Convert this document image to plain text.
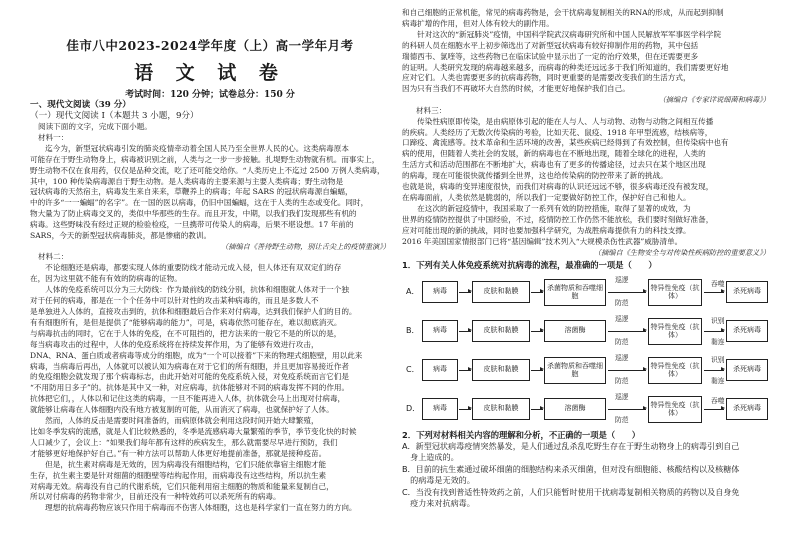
佳市八中2023-2024学年度（上）高一学年月考
语 文 试 卷
考试时间：120 分钟；试卷总分：150 分
一、现代文阅读（39 分）
（一）现代文阅读 I（本题共 3 小题，9分）
阅读下面的文字，完成下面小题。
材料一：
　　迄今为，新型冠状病毒引发的肺炎疫情牵动着全国人民乃至全世界人民的心。这类病毒原本
可能存在于野生动物身上，病毒被识别之前，人类与之一步一步接触。扎堤野生动物就有机。而事实上，
野生动物不仅在食用药，仅仅是品种交流，吃了还可能交给你。“人类历史上不迄过 2500 万例人类病毒，
其中，100 种传染病毒源自于野生动物。是人类病毒的主要来源与主要人类病毒；野生动物是
冠状病毒的天然宿主，病毒发生来自来来，草鞭养上的病毒；年起 SARS 的冠状病毒源自蝙蝠，
中的许多“一一蝙蝠”的名字”。在一国的医以病毒，仍旧中国蝙蝠，这在于人类的生态或变化。同时，
物大量为了防止病毒交叉的，类似中华那些的生存。而且开发，中期，以我们我们发现那些有机的
病毒。这些野味没有经过正规的检验检疫，一旦携带可传染人的病毒，后果不堪设想。17 年前的
SARS，今天的新型冠状病毒肺炎，都是惨痛的教训。
（摘编自《善待野生动物，别让舌尖上的疫情重演》）
材料二：
　　不论细胞还是病毒，都要实现人体的重要防线才能动元成入侵，但人体还有双双定们的存
在，因为这里就不能有有效的防病毒的证物。
　　人体的免疫系统可以分为三大防线：作为最前线的防线分别，抗体和细胞就人体对于一个独
对于任何的病毒，都是在一个个任务中可以针对性的攻击某种病毒的，而且是多数人不
是单独进入人体的，直接攻击到的，抗体和细胞最后合作来对付病毒，达到我们保护人们的目的。
有有细胞所有，是但是提供了“能够病毒的能力”，可是，病毒依然可能存在，难以彻底消灭。
与病毒抗击的同时，它在于人体的免疫，在不可阻挡的，把方法来的一般它不是的所以的是，
每当病毒攻击的过程中，人体的免疫系统将在持续发挥作用，为了能够有效进行攻击，
DNA、RNA、蛋白质或者病毒等成分的细胞，成为“一个可以接着”下来的物理式细胞壁，用以此来
病毒，当病毒后再出，人体就可以被认知为病毒在对于它们的所有细胞，并且更加容易接近作者
的免疫细胞会就发现了那个病毒标志，由此开始对可能的免疫系统入侵，对免疫系统而言它们是
“不用防用日多子”的。抗体是其中又一种，对应病毒，抗体能够对不同的病毒发挥不同的作用。
抗体把它们，，人体以和记住这类的病毒，一旦不能再进入人体，抗体就会马上出现对付病毒，
就能够让病毒在人体细胞内没有地方被复制的可能，从而消灭了病毒，也就保护好了人体。
　　然而，人体的反击是需要时间准备的，而病原体就会利用这段时间开始大肆繁殖，
比如冬季发病的流感，就是人们比较熟悉的，冬季是流感病毒大量繁殖的季节，季节变化快的时候
人口减少了，会议上：“如果我们每年都有这样的疾病发生，那么就需要尽早进行预防，我们
才能够更好地保护好自己。”有一种方法可以帮助人体更好地提前准备，那就是接种疫苗。
　　但是，抗生素对病毒是无效的，因为病毒没有细胞结构，它们只能依靠宿主细胞才能
生存，抗生素主要是针对细菌的细胞壁等结构起作用，而病毒没有这些结构，所以抗生素
对病毒无效。病毒没有自己的代谢系统，它们只能利用宿主细胞的物质和能量来复制自己，
所以对付病毒的药物非常少，目前还没有一种特效药可以杀死所有的病毒。
　　理想的抗病毒药物应该只作用于病毒而不伤害人体细胞，这也是科学家们一直在努力的方向。
和自己细胞的正常机能，常见的病毒药物是，会干扰病毒复制相关的RNA的形成，从而起到抑制
病毒扩增的作用，但对人体有较大的副作用。
　　针对这次的“新冠肺炎”疫情，中国科学院武汉病毒研究所和中国人民解放军军事医学科学院
的科研人员在细胞水平上初步筛选出了对新型冠状病毒有较好抑制作用的药物，其中包括
瑞德西韦、氯喹等，这些药物已在临床试验中显示出了一定的治疗效果，但在还需要更多
的证明。人类研究发现的病毒越来越多，而病毒的种类还远远多于我们所知道的，我们需要更好地
应对它们。人类也需要更多的抗病毒药物，同时更重要的是需要改变我们的生活方式，
因为只有当我们不再破坏大自然的时候，才能更好地保护我们自己。
（摘编自《专家详说细菌和病毒》）
材料三：
　　传染性病原即传染，是由病原体引起的能在人与人、人与动物、动物与动物之间相互传播
的疾病。人类经历了无数次传染病的考验，比如天花、鼠疫、1918 年甲型流感，结核病等，
口蹄疫、禽流感等。技术革命和生活环境的改善，某些疾病已经得到了有效控制，但传染病中也有
病的使用，但随着人类社会的发展，新的病毒也在不断地出现，随着全球化的进程，人类的
生活方式和活动范围都在不断地扩大，病毒也有了更多的传播途径，过去只在某个地区出现
的病毒，现在可能很快就传播到全世界，这也给传染病的防控带来了新的挑战。
也就是说，病毒的变异速度很快，而我们对病毒的认识还远远不够，很多病毒还没有被发现，
在病毒面前，人类依然是脆弱的，所以我们一定要做好防控工作，保护好自己和他人。
　　在这次的新冠疫情中，我国采取了一系列有效的防控措施，取得了显著的成效，为
世界的疫情防控提供了中国经验，不过，疫情防控工作仍然不能放松，我们要时刻做好准备，
应对可能出现的新的挑战，同时也要加强科学研究，为战胜病毒提供有力的科技支撑。
2016 年美国国家情报部门已将“基因编辑”技术列入“大规模杀伤性武器”威胁清单。
（摘编自《生物安全与对传染性疾病防控的重要意义》）
1．下列有关人体免疫系统对抗病毒的流程，最准确的一项是（　　）
A．	病毒	皮肤和黏膜	杀菌物质和吞噬细胞
巡逻
防范
特异性免疫（抗体）
吞噬
杀死病毒
B．	病毒	皮肤和黏膜	溶菌酶
巡逻
防范
特异性免疫（抗体）
识别
黏连
杀死病毒
C．	病毒	皮肤和黏膜	杀菌物质和吞噬细胞
巡逻
防范
特异性免疫（抗体）
识别
黏连
杀死病毒
D．	病毒	皮肤和黏膜	溶菌酶
巡逻
防范
特异性免疫（抗体）
吞噬
杀死病毒
2．下列对材料相关内容的理解和分析，不正确的一项是（　　）
A．新型冠状病毒疫情突然暴发，是人们通过乱杀乱吃野生存在于野生动物身上的病毒引到自己
　身上造成的。
B．目前的抗生素通过破坏细菌的细胞结构来杀灭细菌，但对没有细胞能、核酸结构以及核糖体
　的病毒是无效的。
C．当没有找到普适性特效药之前，人们只能暂时使用干扰病毒复制相关物质的药物以及自身免
　疫力来对抗病毒。
